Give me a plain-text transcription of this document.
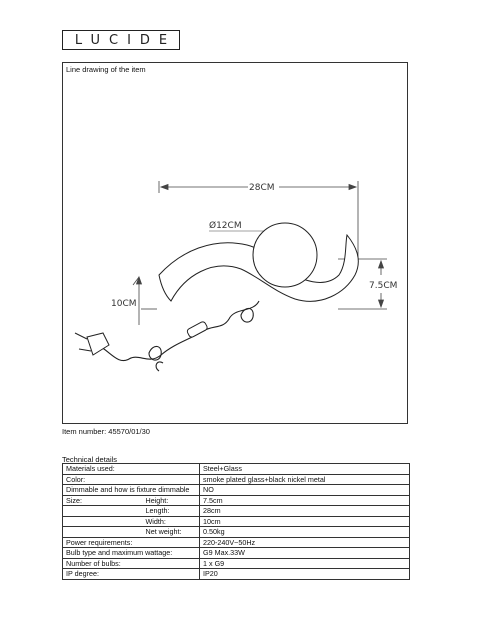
LUCIDE
Line drawing of the item
28CM
Ø12CM
7.5CM
10CM
Item number: 45570/01/30
Technical details
Materials used:		Steel+Glass
Color:		smoke plated glass+black nickel metal
Dimmable and how is fixture dimmable		NO
Size:	Height:	7.5cm
	Length:	28cm
	Width:	10cm
	Net weight:	0.50kg
Power requirements:		220-240V~50Hz
Bulb type and maximum wattage:		G9 Max.33W
Number of bulbs:		1 x G9
IP degree:		IP20
